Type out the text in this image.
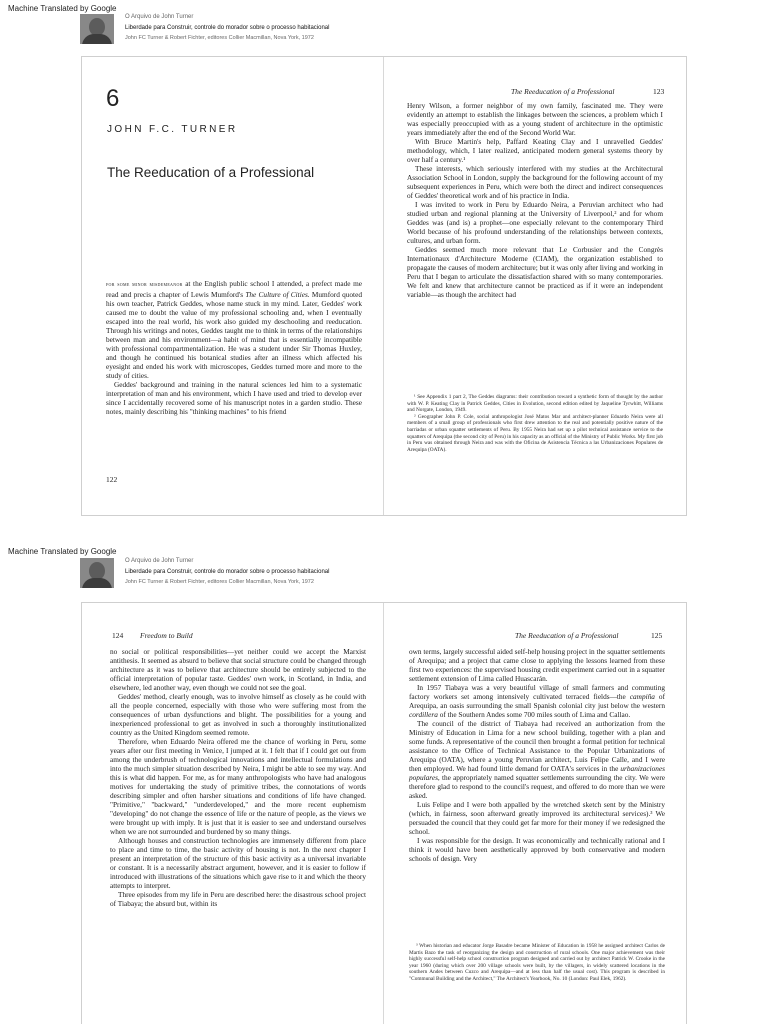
Machine Translated by Google
O Arquivo de John Turner
Liberdade para Construir, controle do morador sobre o processo habitacional
John FC Turner & Robert Fichter, editores Collier Macmillan, Nova York, 1972
6
JOHN F.C. TURNER
The Reeducation of a Professional

for some minor misdemeanor at the English public school I attended, a prefect made me read and precis a chapter of Lewis Mumford's The Culture of Cities. Mumford quoted his own teacher, Patrick Geddes, whose name stuck in my mind. Later, Geddes' work caused me to doubt the value of my professional schooling and, when I eventually escaped into the real world, his work also guided my deschooling and reeducation. Through his writings and notes, Geddes taught me to think in terms of the relationships between man and his environment—a habit of mind that is essentially incompatible with professional compartmentalization. He was a student under Sir Thomas Huxley, and though he continued his botanical studies after an illness which affected his eyesight and ended his work with microscopes, Geddes turned more and more to the study of cities.

Geddes' background and training in the natural sciences led him to a systematic interpretation of man and his environment, which I have used and tried to develop ever since I accidentally recovered some of his manuscript notes in a garden studio. These notes, mainly describing his "thinking machines" to his friend

122
The Reeducation of a Professional	123

Henry Wilson, a former neighbor of my own family, fascinated me. They were evidently an attempt to establish the linkages between the sciences, a problem which I was especially preoccupied with as a young student of architecture in the optimistic years immediately after the end of the Second World War.

With Bruce Martin's help, Paffard Keating Clay and I unravelled Geddes' methodology, which, I later realized, anticipated modern general systems theory by over half a century.¹

These interests, which seriously interfered with my studies at the Architectural Association School in London, supply the background for the following account of my subsequent experiences in Peru, which were both the direct and indirect consequences of Geddes' theoretical work and of his practice in India.

I was invited to work in Peru by Eduardo Neira, a Peruvian architect who had studied urban and regional planning at the University of Liverpool,² and for whom Geddes was (and is) a prophet—one especially relevant to the contemporary Third World because of his profound understanding of the relationships between contexts, cultures, and urban form.

Geddes seemed much more relevant that Le Corbusier and the Congrès Internationaux d'Architecture Moderne (CIAM), the organization established to propagate the causes of modern architecture; but it was only after living and working in Peru that I began to articulate the dissatisfaction shared with so many contemporaries. We felt and knew that architecture cannot be practiced as if it were an independent variable—as though the architect had

¹ See Appendix 1 part 2, The Geddes diagrams: their contribution toward a synthetic form of thought by the author with W. P. Keating Clay in Patrick Geddes, Cities in Evolution, second edition edited by Jaqueline Tyrwhitt, Williams and Norgate, London, 1949.

² Geographer John P. Cole, social anthropologist José Matos Mar and architect-planner Eduardo Neira were all members of a small group of professionals who first drew attention to the real and potentially positive nature of the barriadas or urban squatter settlements of Peru. By 1955 Neira had set up a pilot technical assistance service to the squatters of Arequipa (the second city of Peru) in his capacity as an official of the Ministry of Public Works. My first job in Peru was obtained through Neira and was with the Oficina de Asistencia Técnica a las Urbanizaciones Populares de Arequipa (OATA).

Machine Translated by Google
O Arquivo de John Turner
Liberdade para Construir, controle do morador sobre o processo habitacional
John FC Turner & Robert Fichter, editores Collier Macmillan, Nova York, 1972
124 Freedom to Build

no social or political responsibilities—yet neither could we accept the Marxist antithesis. It seemed as absurd to believe that social structure could be changed through architecture as it was to believe that architecture should be entirely subjected to the official interpretation of popular taste. Geddes' own work, in Scotland, in India, and elsewhere, led another way, even though we could not see the goal.

Geddes' method, clearly enough, was to involve himself as closely as he could with all the people concerned, especially with those who were suffering most from the consequences of urban dysfunctions and blight. The possibilities for a young and inexperienced professional to get as involved in such a thoroughly institutionalized country as the United Kingdom seemed remote.

Therefore, when Eduardo Neira offered me the chance of working in Peru, some years after our first meeting in Venice, I jumped at it. I felt that if I could get out from among the underbrush of technological innovations and intellectual formulations and into the much simpler situation described by Neira, I might be able to see my way. And this is what did happen. For me, as for many anthropologists who have had analogous motives for undertaking the study of primitive tribes, the connotations of words describing simpler and often harsher situations and conditions of life have changed. "Primitive," "backward," "underdeveloped," and the more recent euphemism "developing" do not change the essence of life or the nature of people, as the views we were brought up with imply. It is just that it is easier to see and understand ourselves when we are not surrounded and burdened by so many things.

Although houses and construction technologies are immensely different from place to place and time to time, the basic activity of housing is not. In the next chapter I present an interpretation of the structure of this basic activity as a universal invariable or constant. It is a necessarily abstract argument, however, and it is easier to follow if introduced with illustrations of the situations which gave rise to it and which the theory attempts to interpret.

Three episodes from my life in Peru are described here: the disastrous school project of Tiabaya; the absurd but, within its

The Reeducation of a Professional	125

own terms, largely successful aided self-help housing project in the squatter settlements of Arequipa; and a project that came close to applying the lessons learned from these first two experiences: the supervised housing credit experiment carried out in a squatter settlement extension of Lima called Huascarán.

In 1957 Tiabaya was a very beautiful village of small farmers and commuting factory workers set among intensively cultivated terraced fields—the campiña of Arequipa, an oasis surrounding the small Spanish colonial city just below the western cordillera of the Southern Andes some 700 miles south of Lima and Callao.

The council of the district of Tiabaya had received an authorization from the Ministry of Education in Lima for a new school building, together with a plan and some funds. A representative of the council then brought a formal petition for technical assistance to the Office of Technical Assistance to the Popular Urbanizations of Arequipa (OATA), where a young Peruvian architect, Luis Felipe Calle, and I were then employed. We had found little demand for OATA's services in the urbanizaciones populares, the appropriately named squatter settlements surrounding the city. We were therefore glad to respond to the council's request, and offered to do more than we were asked.

Luis Felipe and I were both appalled by the wretched sketch sent by the Ministry (which, in fairness, soon afterward greatly improved its architectural services).³ We persuaded the council that they could get far more for their money if we redesigned the school.

I was responsible for the design. It was economically and technically rational and I think it would have been aesthetically approved by both conservative and modern schools of design. Very

³ When historian and educator Jorge Basadre became Minister of Education in 1958 he assigned architect Carlos de Martis Bazo the task of reorganizing the design and construction of rural schools. One major achievement was their highly successful self-help school construction program designed and carried out by architect Patrick W. Crooke in the year 1960 (during which over 200 village schools were built, by the villagers, in widely scattered locations in the southern Andes between Cuzco and Arequipa—and at less than half the usual cost). This program is described in "Communal Building and the Architect," The Architect's Yearbook, No. 10 (London: Paul Elek, 1962).
